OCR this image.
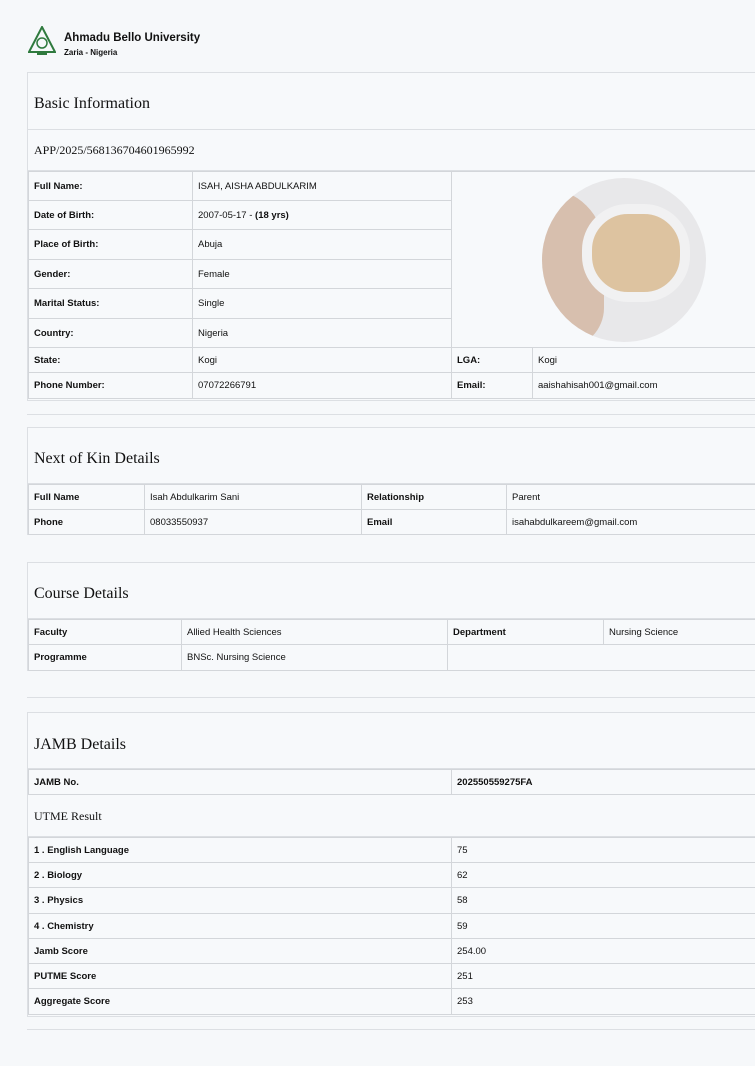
Ahmadu Bello University
Zaria - Nigeria
Basic Information
APP/2025/568136704601965992
Full Name:	ISAH, AISHA ABDULKARIM		

Date of Birth:	2007-05-17 - (18 yrs)		
Place of Birth:	Abuja		
Gender:	Female		
Marital Status:	Single		
Country:	Nigeria		
State:	Kogi	LGA:	Kogi
Phone Number:	07072266791	Email:	aaishahisah001@gmail.com
Next of Kin Details
Full Name	Isah Abdulkarim Sani	Relationship	Parent
Phone	08033550937	Email	isahabdulkareem@gmail.com
Course Details
Faculty	Allied Health Sciences	Department	Nursing Science
Programme	BNSc. Nursing Science		
JAMB Details
JAMB No.	202550559275FA
UTME Result
1 . English Language	75
2 . Biology	62
3 . Physics	58
4 . Chemistry	59
Jamb Score	254.00
PUTME Score	251
Aggregate Score	253
